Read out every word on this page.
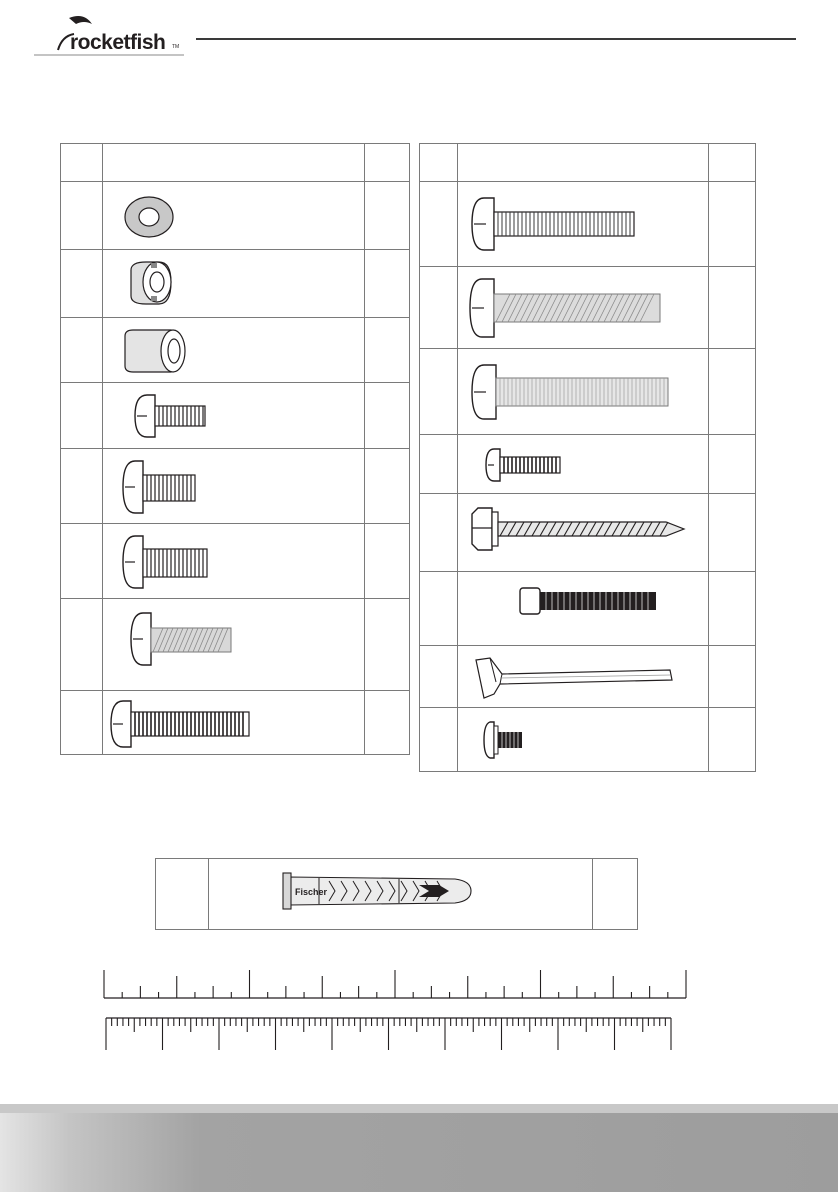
rocketfish TM

Fischer
